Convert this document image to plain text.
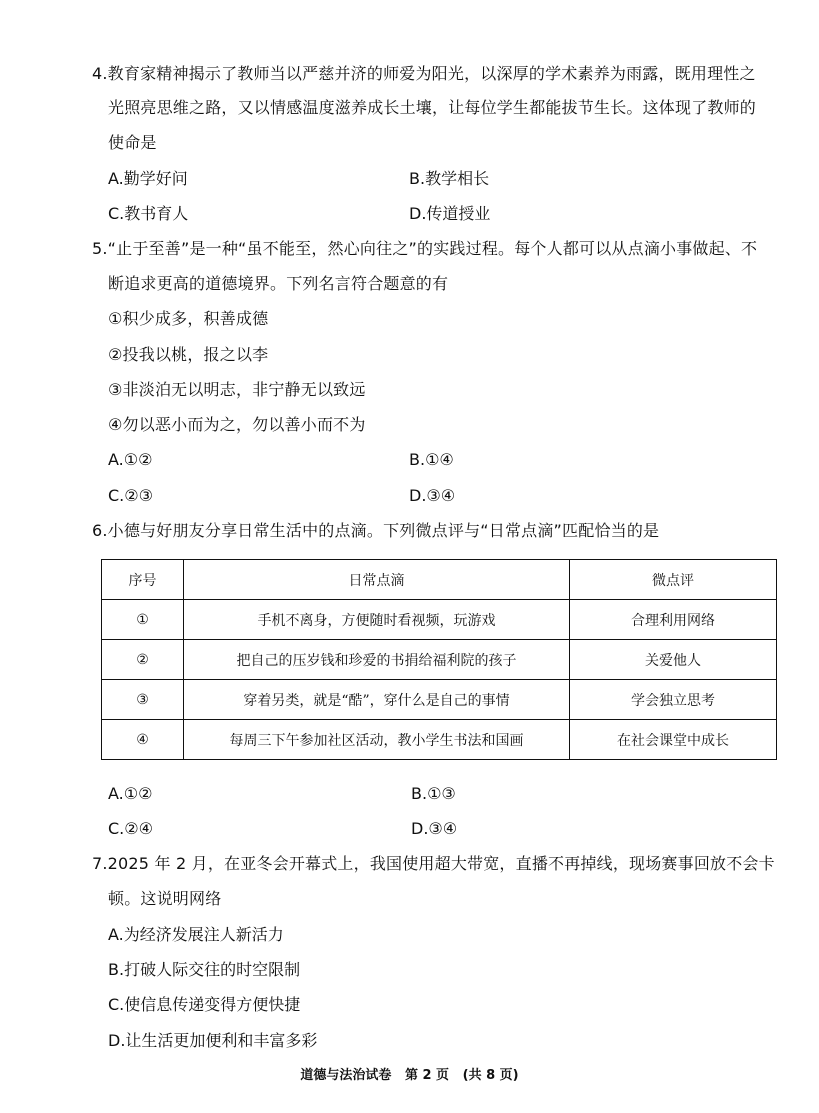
4.教育家精神揭示了教师当以严慈并济的师爱为阳光，以深厚的学术素养为雨露，既用理性之
光照亮思维之路，又以情感温度滋养成长土壤，让每位学生都能拔节生长。这体现了教师的
使命是
A.勤学好问	B.教学相长
C.教书育人	D.传道授业
5.“止于至善”是一种“虽不能至，然心向往之”的实践过程。每个人都可以从点滴小事做起、不
断追求更高的道德境界。下列名言符合题意的有
①积少成多，积善成德
②投我以桃，报之以李
③非淡泊无以明志，非宁静无以致远
④勿以恶小而为之，勿以善小而不为
A.①②	B.①④
C.②③	D.③④
6.小德与好朋友分享日常生活中的点滴。下列微点评与“日常点滴”匹配恰当的是
序号	日常点滴	微点评
①	手机不离身，方便随时看视频，玩游戏	合理利用网络
②	把自己的压岁钱和珍爱的书捐给福利院的孩子	关爱他人
③	穿着另类，就是“酷”，穿什么是自己的事情	学会独立思考
④	每周三下午参加社区活动，教小学生书法和国画	在社会课堂中成长
A.①②	B.①③
C.②④	D.③④
7.2025 年 2 月，在亚冬会开幕式上，我国使用超大带宽，直播不再掉线，现场赛事回放不会卡
顿。这说明网络
A.为经济发展注人新活力
B.打破人际交往的时空限制
C.使信息传递变得方便快捷
D.让生活更加便利和丰富多彩
道德与法治试卷   第 2 页   (共 8 页)
